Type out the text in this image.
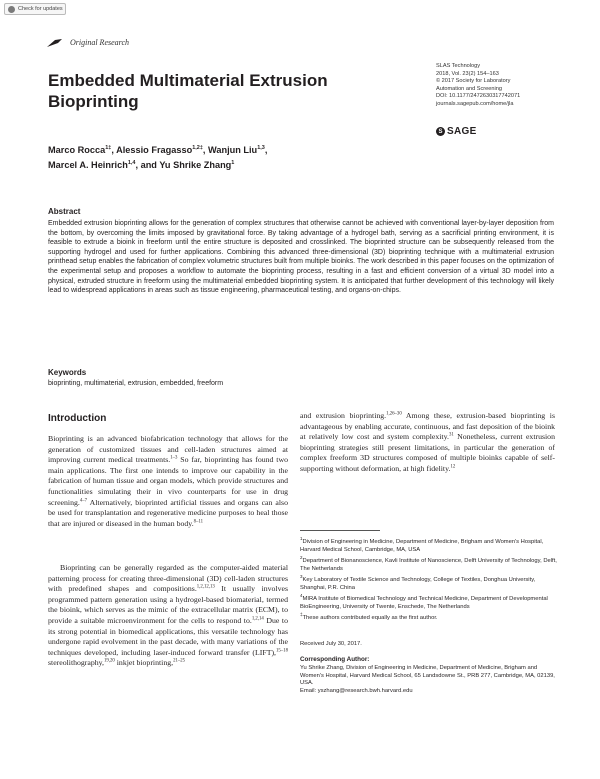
Check for updates
Original Research
Embedded Multimaterial Extrusion Bioprinting
SLAS Technology
2018, Vol. 23(2) 154–163
© 2017 Society for Laboratory
Automation and Screening
DOI: 10.1177/2472630317742071
journals.sagepub.com/home/jla
S SAGE
Marco Rocca$^{1\ddagger}$, Alessio Fragasso$^{1,2\ddagger}$, Wanjun Liu$^{1,3}$,
Marcel A. Heinrich$^{1,4}$, and Yu Shrike Zhang$^1$
Abstract
Embedded extrusion bioprinting allows for the generation of complex structures that otherwise cannot be achieved with conventional layer-by-layer deposition from the bottom, by overcoming the limits imposed by gravitational force. By taking advantage of a hydrogel bath, serving as a sacrificial printing environment, it is feasible to extrude a bioink in freeform until the entire structure is deposited and crosslinked. The bioprinted structure can be subsequently released from the supporting hydrogel and used for further applications. Combining this advanced three-dimensional (3D) bioprinting technique with a multimaterial extrusion printhead setup enables the fabrication of complex volumetric structures built from multiple bioinks. The work described in this paper focuses on the optimization of the experimental setup and proposes a workflow to automate the bioprinting process, resulting in a fast and efficient conversion of a virtual 3D model into a physical, extruded structure in freeform using the multimaterial embedded bioprinting system. It is anticipated that further development of this technology will likely lead to widespread applications in areas such as tissue engineering, pharmaceutical testing, and organs-on-chips.
Keywords
bioprinting, multimaterial, extrusion, embedded, freeform
Introduction
Bioprinting is an advanced biofabrication technology that allows for the generation of customized tissues and cell-laden structures aimed at improving current medical treatments.$^{1-3}$ So far, bioprinting has found two main applications. The first one intends to improve our capability in the fabrication of human tissue and organ models, which provide structures and functionalities simulating their in vivo counterparts for use in drug screening.$^{4-7}$ Alternatively, bioprinted artificial tissues and organs can also be used for transplantation and regenerative medicine purposes to heal those that are injured or diseased in the human body.$^{8-11}$
Bioprinting can be generally regarded as the computer-aided material patterning process for creating three-dimensional (3D) cell-laden structures with predefined shapes and compositions.$^{1,2,12,13}$ It usually involves programmed pattern generation using a hydrogel-based biomaterial, termed the bioink, which serves as the mimic of the extracellular matrix (ECM), to provide a suitable microenvironment for the cells to respond to.$^{1,2,14}$ Due to its strong potential in biomedical applications, this versatile technology has undergone rapid evolvement in the past decade, with many variations of the techniques developed, including laser-induced forward transfer (LIFT),$^{15-18}$ stereolithography,$^{19,20}$ inkjet bioprinting,$^{21-25}$
and extrusion bioprinting.$^{1,26-30}$ Among these, extrusion-based bioprinting is advantageous by enabling accurate, continuous, and fast deposition of the bioink at relatively low cost and system complexity.$^{31}$ Nonetheless, current extrusion bioprinting strategies still present limitations, in particular the generation of complex freeform 3D structures composed of multiple bioinks capable of self-supporting without deformation, at high fidelity.$^{12}$
$^1$Division of Engineering in Medicine, Department of Medicine, Brigham and Women's Hospital, Harvard Medical School, Cambridge, MA, USA
$^2$Department of Bionanoscience, Kavli Institute of Nanoscience, Delft University of Technology, Delft, The Netherlands
$^3$Key Laboratory of Textile Science and Technology, College of Textiles, Donghua University, Shanghai, P.R. China
$^4$MIRA Institute of Biomedical Technology and Technical Medicine, Department of Developmental BioEngineering, University of Twente, Enschede, The Netherlands
‡These authors contributed equally as the first author.
Received July 30, 2017.
Corresponding Author:
Yu Shrike Zhang, Division of Engineering in Medicine, Department of Medicine, Brigham and Women's Hospital, Harvard Medical School, 65 Landsdowne St., PRB 277, Cambridge, MA, 02139, USA.
Email: yszhang@research.bwh.harvard.edu
